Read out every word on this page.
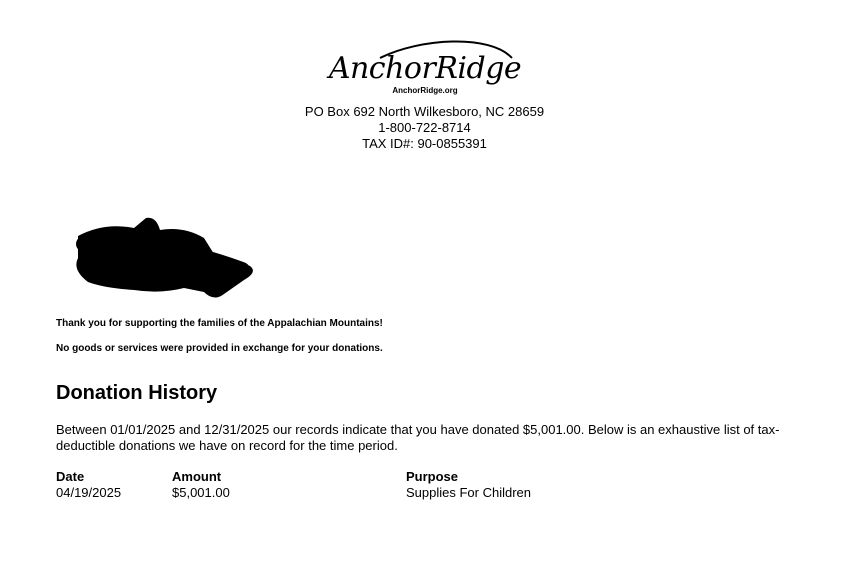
AnchorRidge
AnchorRidge.org
PO Box 692 North Wilkesboro, NC 28659
1-800-722-8714
TAX ID#: 90-0855391
Thank you for supporting the families of the Appalachian Mountains!
No goods or services were provided in exchange for your donations.
Donation History
Between 01/01/2025 and 12/31/2025 our records indicate that you have donated $5,001.00. Below is an exhaustive list of tax-deductible donations we have on record for the time period.
Date	Amount	Purpose
04/19/2025	$5,001.00	Supplies For Children
